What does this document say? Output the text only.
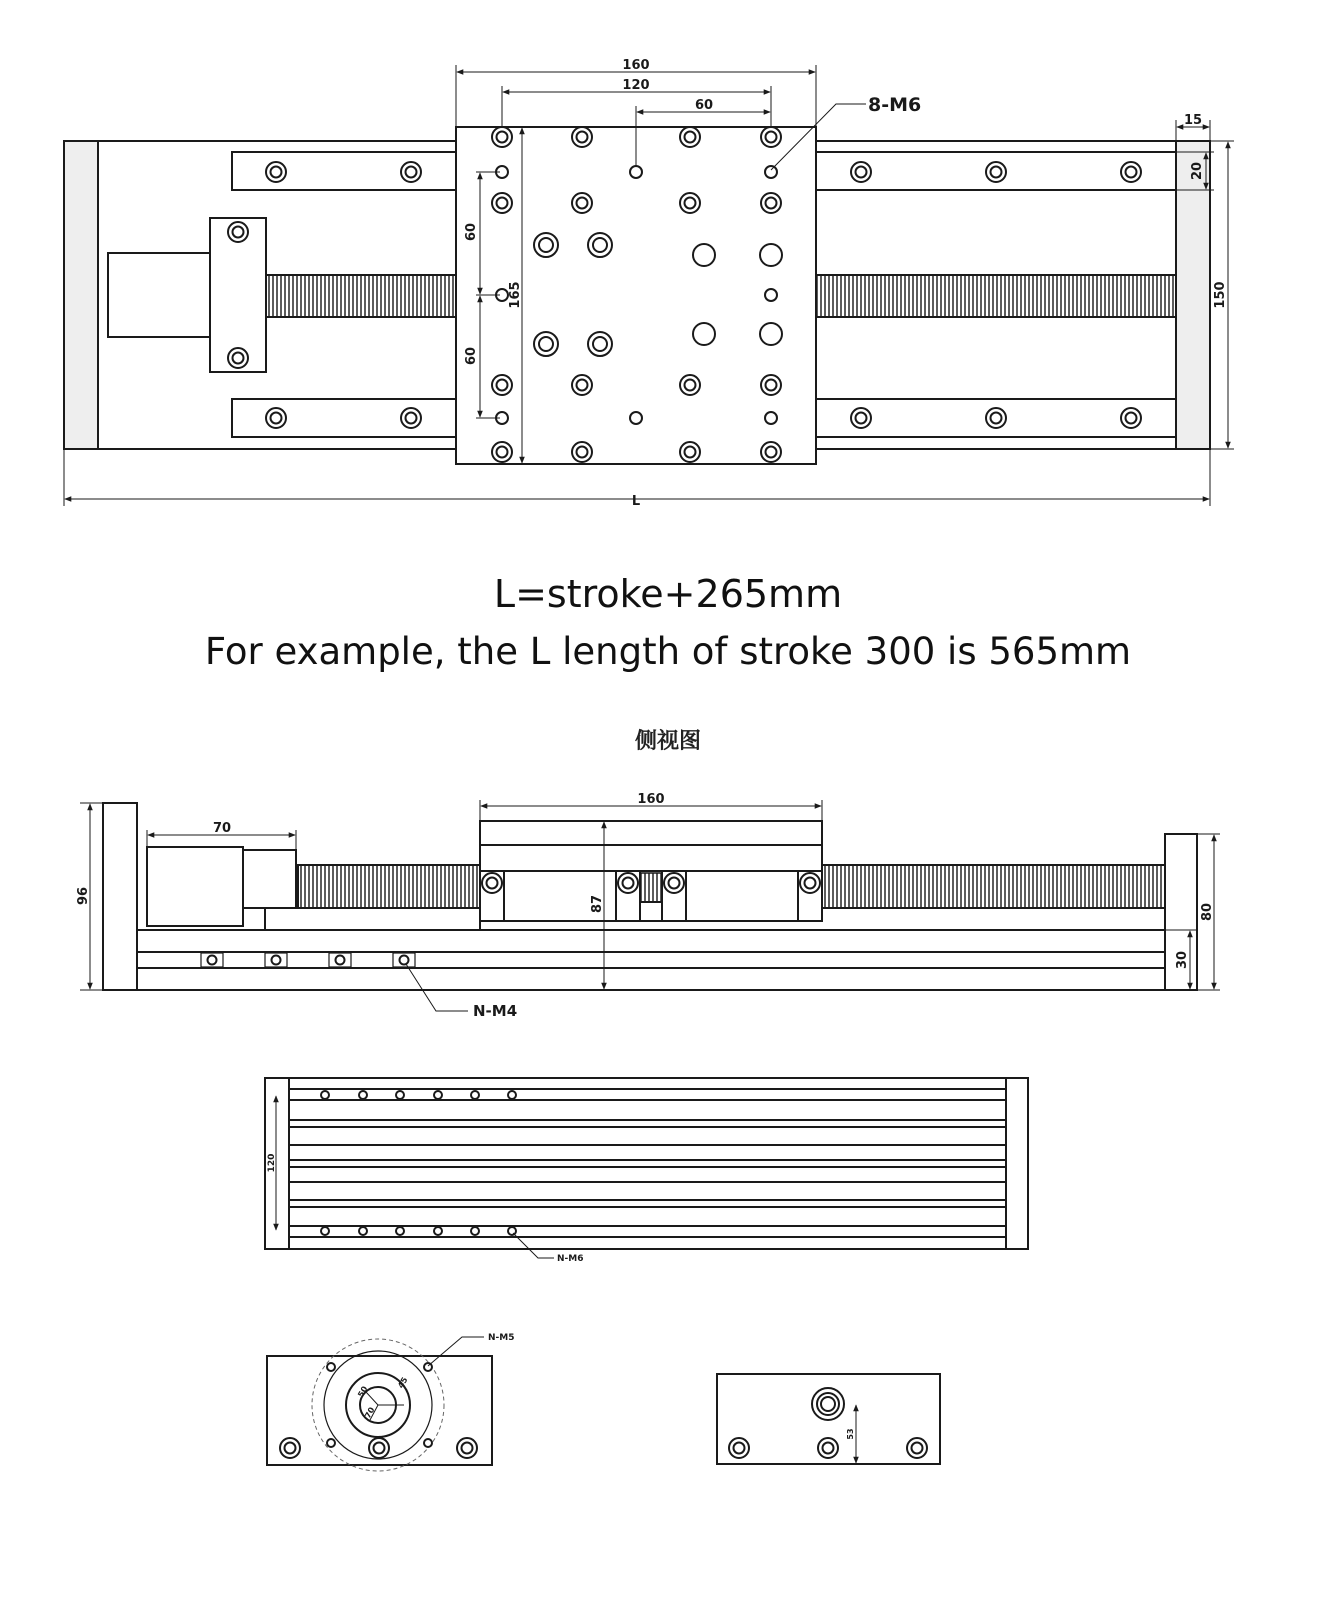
160
120
60	8-M6
15
20
150
165
60
60
L
N-M4
160
70
96	87	80
30
120
N-M6
50
45
70
N-M5
53
L=stroke+265mm
For example, the L length of stroke 300 is 565mm
侧视图
